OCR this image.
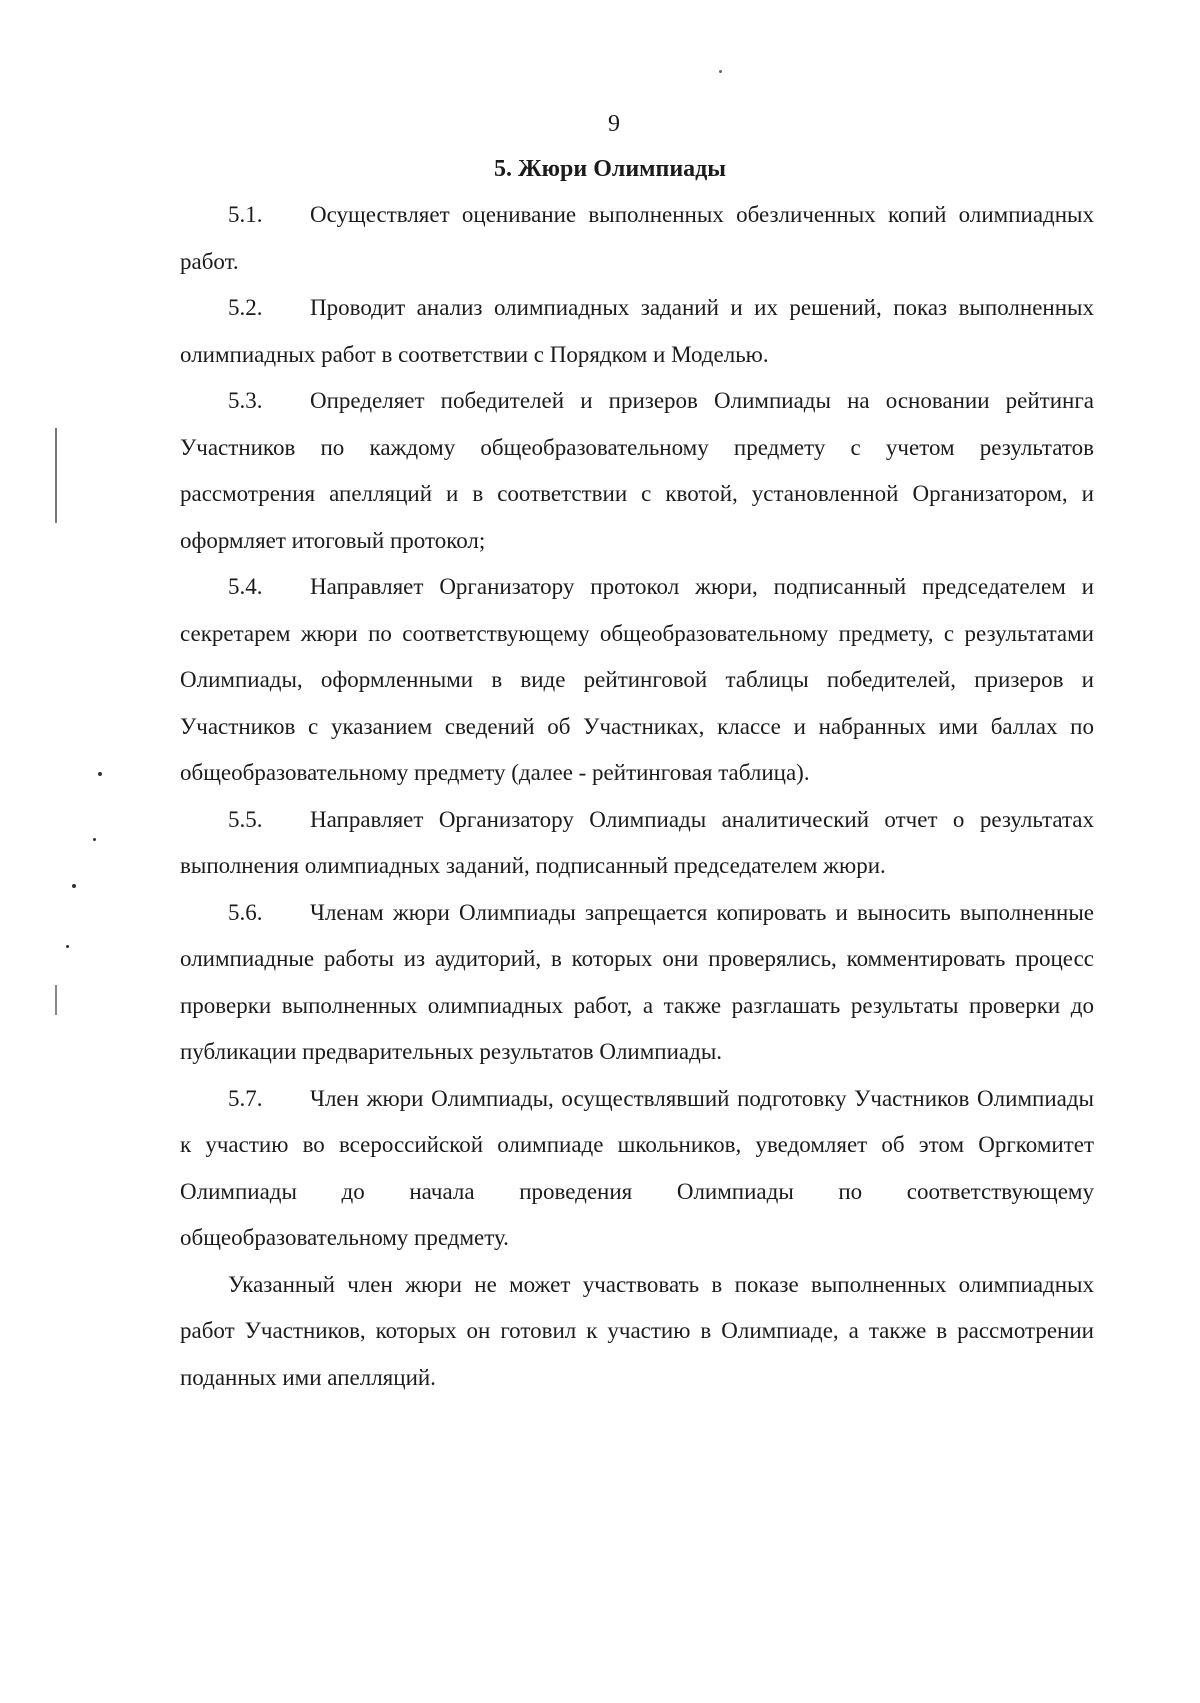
9
5. Жюри Олимпиады

5.1. Осуществляет оценивание выполненных обезличенных копий олимпиадных работ.

5.2. Проводит анализ олимпиадных заданий и их решений, показ выполненных олимпиадных работ в соответствии с Порядком и Моделью.

5.3. Определяет победителей и призеров Олимпиады на основании рейтинга Участников по каждому общеобразовательному предмету с учетом результатов рассмотрения апелляций и в соответствии с квотой, установленной Организатором, и оформляет итоговый протокол;

5.4. Направляет Организатору протокол жюри, подписанный председателем и секретарем жюри по соответствующему общеобразовательному предмету, с результатами Олимпиады, оформленными в виде рейтинговой таблицы победителей, призеров и Участников с указанием сведений об Участниках, классе и набранных ими баллах по общеобразовательному предмету (далее - рейтинговая таблица).

5.5. Направляет Организатору Олимпиады аналитический отчет о результатах выполнения олимпиадных заданий, подписанный председателем жюри.

5.6. Членам жюри Олимпиады запрещается копировать и выносить выполненные олимпиадные работы из аудиторий, в которых они проверялись, комментировать процесс проверки выполненных олимпиадных работ, а также разглашать результаты проверки до публикации предварительных результатов Олимпиады.

5.7. Член жюри Олимпиады, осуществлявший подготовку Участников Олимпиады к участию во всероссийской олимпиаде школьников, уведомляет об этом Оргкомитет Олимпиады до начала проведения Олимпиады по соответствующему общеобразовательному предмету.

Указанный член жюри не может участвовать в показе выполненных олимпиадных работ Участников, которых он готовил к участию в Олимпиаде, а также в рассмотрении поданных ими апелляций.
